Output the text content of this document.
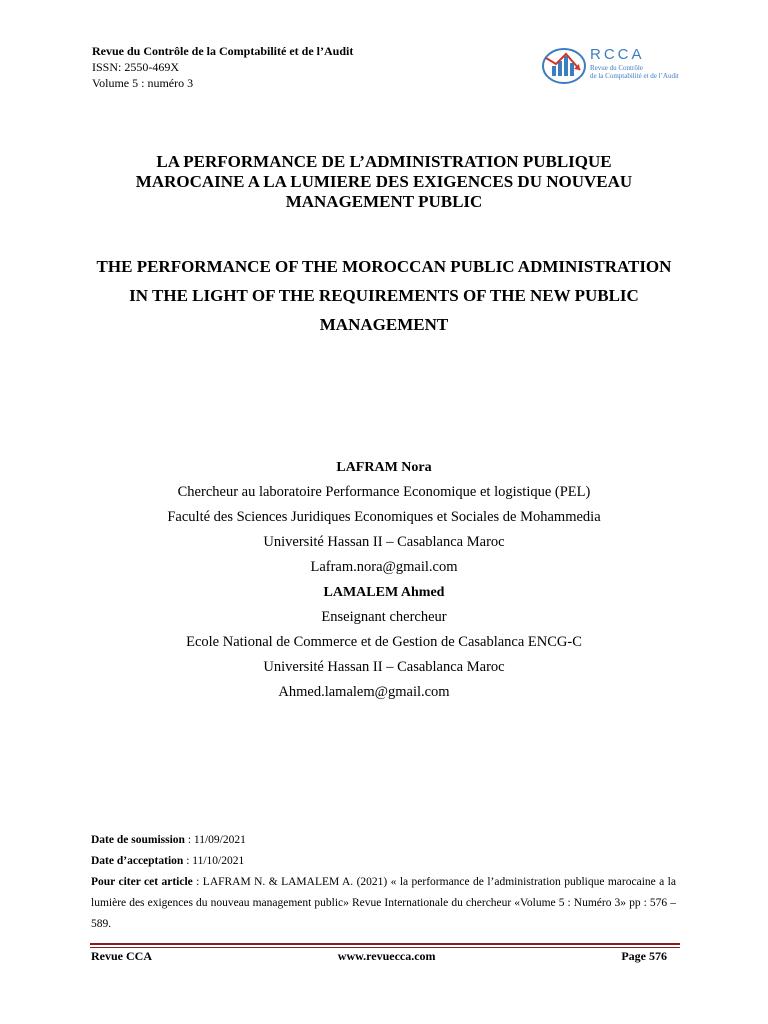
Revue du Contrôle de la Comptabilité et de l’Audit
ISSN: 2550-469X
Volume 5 : numéro 3
RCCA
Revue du Contrôle
de la Comptabilité et de l’Audit
LA PERFORMANCE DE L’ADMINISTRATION PUBLIQUE MAROCAINE A LA LUMIERE DES EXIGENCES DU NOUVEAU MANAGEMENT PUBLIC
THE PERFORMANCE OF THE MOROCCAN PUBLIC ADMINISTRATION IN THE LIGHT OF THE REQUIREMENTS OF THE NEW PUBLIC MANAGEMENT
LAFRAM Nora
Chercheur au laboratoire Performance Economique et logistique (PEL)
Faculté des Sciences Juridiques Economiques et Sociales de Mohammedia
Université Hassan II – Casablanca Maroc
Lafram.nora@gmail.com
LAMALEM Ahmed
Enseignant chercheur
Ecole National de Commerce et de Gestion de Casablanca ENCG-C
Université Hassan II – Casablanca Maroc
Ahmed.lamalem@gmail.com
Date de soumission : 11/09/2021
Date d’acceptation : 11/10/2021
Pour citer cet article : LAFRAM N. & LAMALEM A. (2021) « la performance de l’administration publique marocaine a la lumière des exigences du nouveau management public» Revue Internationale du chercheur «Volume 5 : Numéro 3» pp : 576 – 589.
Revue CCA	www.revuecca.com	Page 576
